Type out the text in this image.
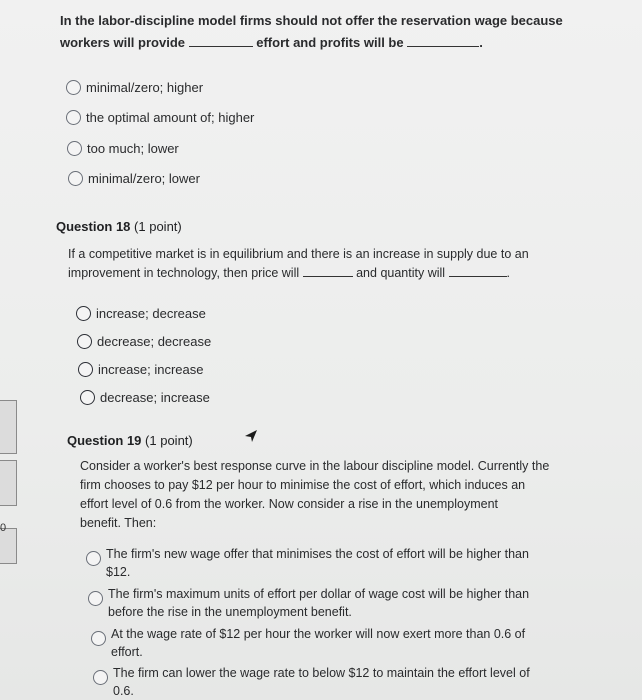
0
In the labor-discipline model firms should not offer the reservation wage because
workers will provide	effort and profits will be	.
minimal/zero; higher
the optimal amount of; higher
too much; lower
minimal/zero; lower
Question 18 (1 point)
If a competitive market is in equilibrium and there is an increase in supply due to an
improvement in technology, then price will	and quantity will	.
increase; decrease
decrease; decrease
increase; increase
decrease; increase
Question 19 (1 point)
Consider a worker's best response curve in the labour discipline model. Currently the
firm chooses to pay $12 per hour to minimise the cost of effort, which induces an
effort level of 0.6 from the worker. Now consider a rise in the unemployment
benefit. Then:
The firm's new wage offer that minimises the cost of effort will be higher than
$12.
The firm's maximum units of effort per dollar of wage cost will be higher than
before the rise in the unemployment benefit.
At the wage rate of $12 per hour the worker will now exert more than 0.6 of
effort.
The firm can lower the wage rate to below $12 to maintain the effort level of
0.6.
